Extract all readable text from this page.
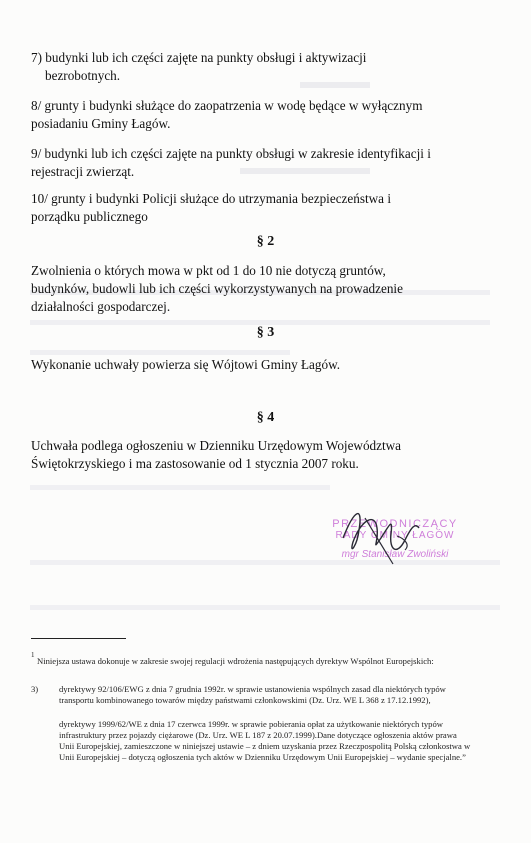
7) budynki lub ich części zajęte na punkty obsługi i aktywizacji
bezrobotnych.
8/ grunty i budynki służące do zaopatrzenia w wodę będące w wyłącznym
posiadaniu Gminy Łagów.
9/ budynki lub ich części zajęte na punkty obsługi w zakresie identyfikacji i
rejestracji zwierząt.
10/ grunty i budynki Policji służące do utrzymania bezpieczeństwa i
porządku publicznego
§ 2
Zwolnienia o których mowa w pkt od 1 do 10 nie dotyczą gruntów,
budynków, budowli lub ich części wykorzystywanych na prowadzenie
działalności gospodarczej.
§ 3
Wykonanie uchwały powierza się Wójtowi Gminy Łagów.
§ 4
Uchwała podlega ogłoszeniu w Dzienniku Urzędowym Województwa
Świętokrzyskiego i ma zastosowanie od 1 stycznia 2007 roku.
PRZEWODNICZĄCY
RADY GMINY ŁAGÓW
mgr Stanisław Zwoliński
1
Niniejsza ustawa dokonuje w zakresie swojej regulacji wdrożenia następujących dyrektyw Wspólnot Europejskich:
3) dyrektywy 92/106/EWG z dnia 7 grudnia 1992r. w sprawie ustanowienia wspólnych zasad dla niektórych typów
transportu kombinowanego towarów między państwami członkowskimi (Dz. Urz. WE L 368 z 17.12.1992),
dyrektywy 1999/62/WE z dnia 17 czerwca 1999r. w sprawie pobierania opłat za użytkowanie niektórych typów
infrastruktury przez pojazdy ciężarowe (Dz. Urz. WE L 187 z 20.07.1999).Dane dotyczące ogłoszenia aktów prawa
Unii Europejskiej, zamieszczone w niniejszej ustawie – z dniem uzyskania przez Rzeczpospolitą Polską członkostwa w
Unii Europejskiej – dotyczą ogłoszenia tych aktów w Dzienniku Urzędowym Unii Europejskiej – wydanie specjalne.”
